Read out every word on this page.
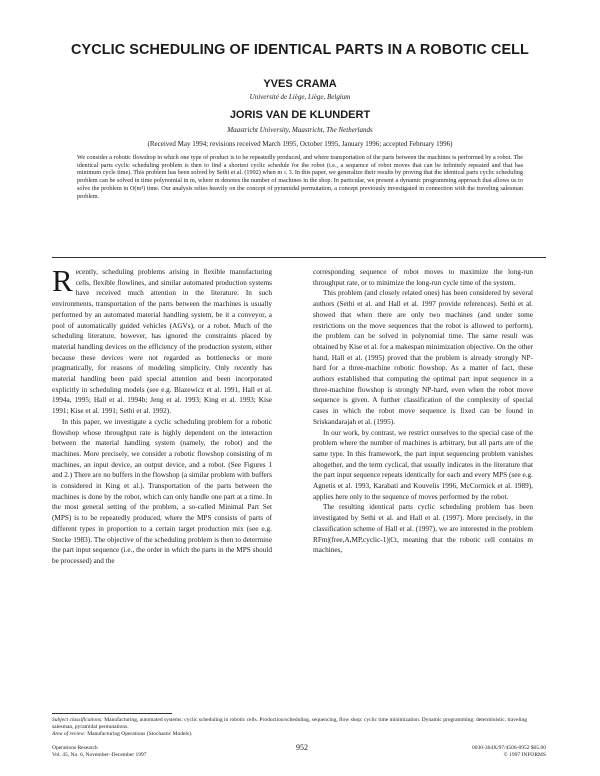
CYCLIC SCHEDULING OF IDENTICAL PARTS IN A ROBOTIC CELL
YVES CRAMA
Université de Liège, Liège, Belgium
JORIS VAN DE KLUNDERT
Maastricht University, Maastricht, The Netherlands
(Received May 1994; revisions received March 1995, October 1995, January 1996; accepted February 1996)
We consider a robotic flowshop in which one type of product is to be repeatedly produced, and where transportation of the parts between the machines is performed by a robot. The identical parts cyclic scheduling problem is then to find a shortest cyclic schedule for the robot (i.e., a sequence of robot moves that can be infinitely repeated and that has minimum cycle time). This problem has been solved by Sethi et al. (1992) when m ≤ 3. In this paper, we generalize their results by proving that the identical parts cyclic scheduling problem can be solved in time polynomial in m, where m denotes the number of machines in the shop. In particular, we present a dynamic programming approach that allows us to solve the problem in O(m³) time. Our analysis relies heavily on the concept of pyramidal permutation, a concept previously investigated in connection with the traveling salesman problem.

Recently, scheduling problems arising in flexible manufacturing cells, flexible flowlines, and similar automated production systems have received much attention in the literature. In such environments, transportation of the parts between the machines is usually performed by an automated material handling system, be it a conveyor, a pool of automatically guided vehicles (AGVs), or a robot. Much of the scheduling literature, however, has ignored the constraints placed by material handling devices on the efficiency of the production system, either because these devices were not regarded as bottlenecks or more pragmatically, for reasons of modeling simplicity. Only recently has material handling been paid special attention and been incorporated explicitly in scheduling models (see e.g. Blazewicz et al. 1991, Hall et al. 1994a, 1995; Hall et al. 1994b; Jeng et al. 1993; King et al. 1993; Kise 1991; Kise et al. 1991; Sethi et al. 1992).

In this paper, we investigate a cyclic scheduling problem for a robotic flowshop whose throughput rate is highly dependent on the interaction between the material handling system (namely, the robot) and the machines. More precisely, we consider a robotic flowshop consisting of m machines, an input device, an output device, and a robot. (See Figures 1 and 2.) There are no buffers in the flowshop (a similar problem with buffers is considered in King et al.). Transportation of the parts between the machines is done by the robot, which can only handle one part at a time. In the most general setting of the problem, a so-called Minimal Part Set (MPS) is to be repeatedly produced, where the MPS consists of parts of different types in proportion to a certain target production mix (see e.g. Stecke 1983). The objective of the scheduling problem is then to determine the part input sequence (i.e., the order in which the parts in the MPS should be processed) and the

corresponding sequence of robot moves to maximize the long-run throughput rate, or to minimize the long-run cycle time of the system.

This problem (and closely related ones) has been considered by several authors (Sethi et al. and Hall et al. 1997 provide references). Sethi et al. showed that when there are only two machines (and under some restrictions on the move sequences that the robot is allowed to perform), the problem can be solved in polynomial time. The same result was obtained by Kise et al. for a makespan minimization objective. On the other hand, Hall et al. (1995) proved that the problem is already strongly NP-hard for a three-machine robotic flowshop. As a matter of fact, these authors established that computing the optimal part input sequence in a three-machine flowshop is strongly NP-hard, even when the robot move sequence is given. A further classification of the complexity of special cases in which the robot move sequence is fixed can be found in Sriskandarajah et al. (1995).

In our work, by contrast, we restrict ourselves to the special case of the problem where the number of machines is arbitrary, but all parts are of the same type. In this framework, the part input sequencing problem vanishes altogether, and the term cyclical, that usually indicates in the literature that the part input sequence repeats identically for each and every MPS (see e.g. Agnetis et al. 1993, Karabati and Kouvelis 1996, McCormick et al. 1989), applies here only to the sequence of moves performed by the robot.

The resulting identical parts cyclic scheduling problem has been investigated by Sethi et al. and Hall et al. (1997). More precisely, in the classification scheme of Hall et al. (1997), we are interested in the problem RFm|(free,A,MP,cyclic-1)|Ct, meaning that the robotic cell contains m machines,

Subject classifications: Manufacturing, automated systems: cyclic scheduling in robotic cells. Production/scheduling, sequencing, flow shop: cyclic time minimization. Dynamic programming: deterministic, traveling salesman, pyramidal permutations.

Area of review: Manufacturing Operations (Stochastic Models).

Operations Research
Vol. 45, No. 6, November–December 1997
952	0030-364X/97/4506-0952 $05.00
© 1997 INFORMS
